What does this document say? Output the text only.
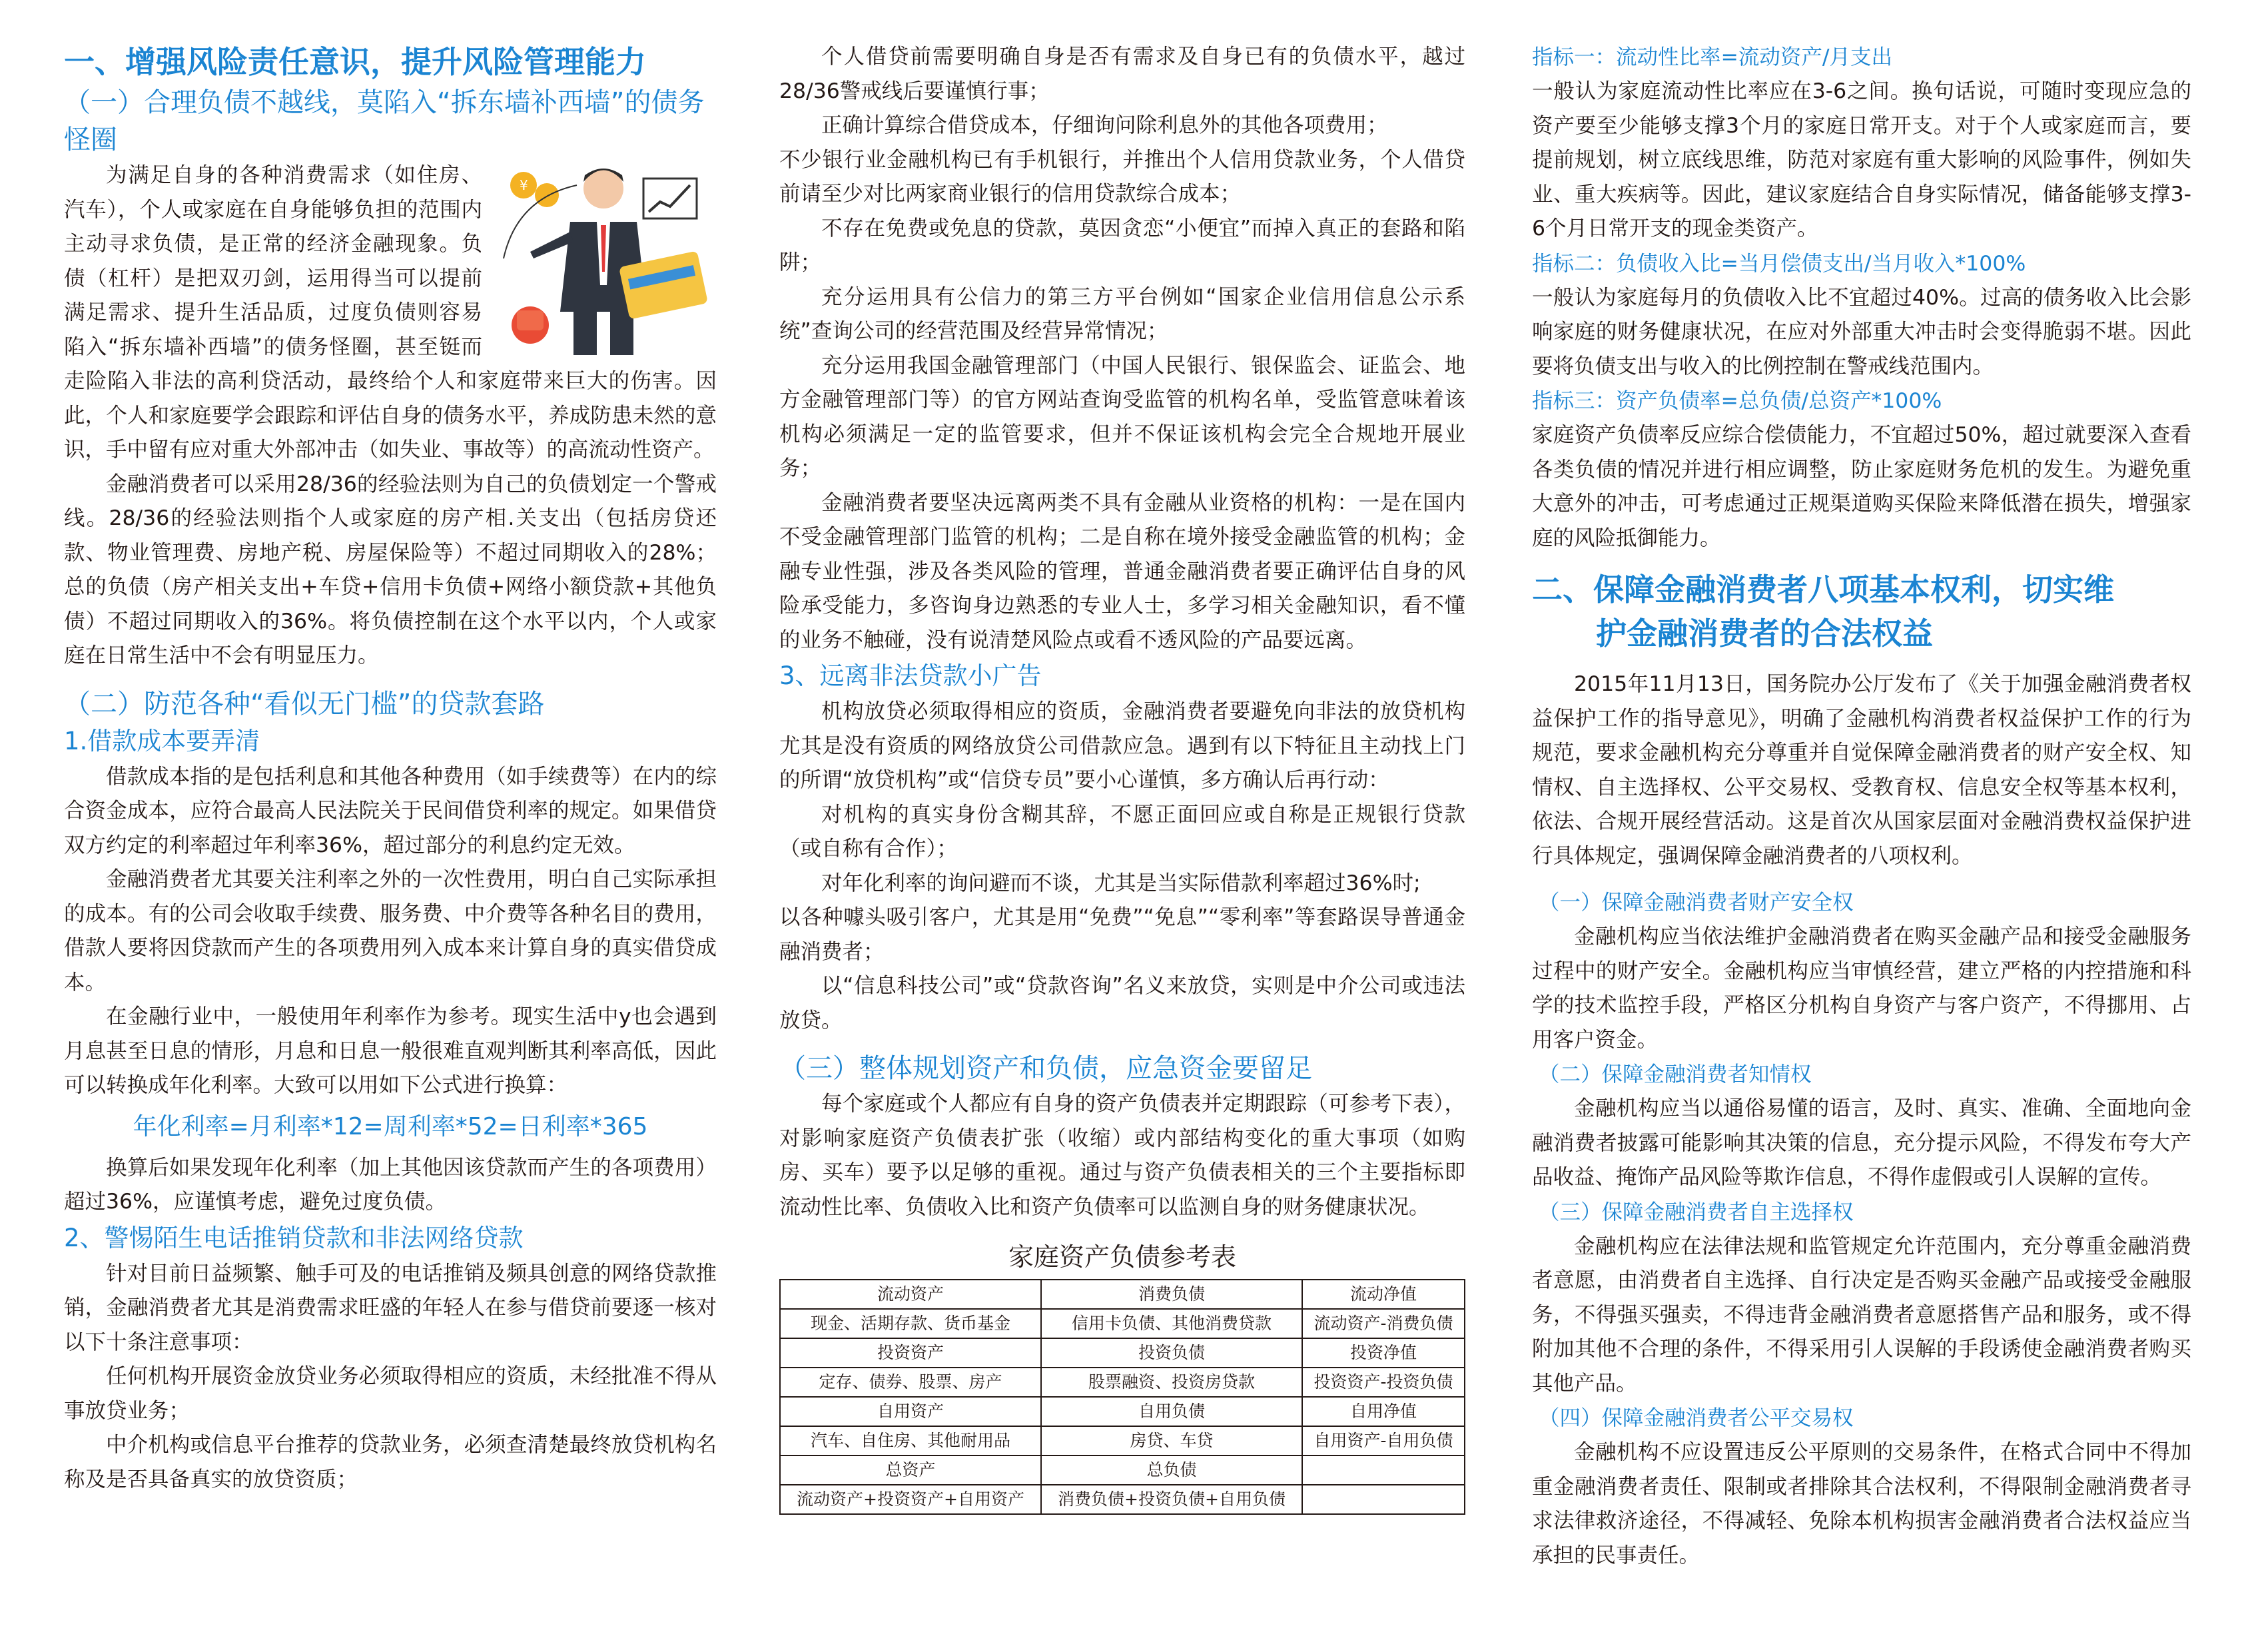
一、增强风险责任意识，提升风险管理能力
（一）合理负债不越线，莫陷入“拆东墙补西墙”的债务怪圈
¥

为满足自身的各种消费需求（如住房、汽车），个人或家庭在自身能够负担的范围内主动寻求负债，是正常的经济金融现象。负债（杠杆）是把双刃剑，运用得当可以提前满足需求、提升生活品质，过度负债则容易陷入“拆东墙补西墙”的债务怪圈，甚至铤而走险陷入非法的高利贷活动，最终给个人和家庭带来巨大的伤害。因此，个人和家庭要学会跟踪和评估自身的债务水平，养成防患未然的意识，手中留有应对重大外部冲击（如失业、事故等）的高流动性资产。

金融消费者可以采用28/36的经验法则为自己的负债划定一个警戒线。28/36的经验法则指个人或家庭的房产相.关支出（包括房贷还款、物业管理费、房地产税、房屋保险等）不超过同期收入的28%；总的负债（房产相关支出+车贷+信用卡负债+网络小额贷款+其他负债）不超过同期收入的36%。将负债控制在这个水平以内，个人或家庭在日常生活中不会有明显压力。

（二）防范各种“看似无门槛”的贷款套路
1.借款成本要弄清

借款成本指的是包括利息和其他各种费用（如手续费等）在内的综合资金成本，应符合最高人民法院关于民间借贷利率的规定。如果借贷双方约定的利率超过年利率36%，超过部分的利息约定无效。

金融消费者尤其要关注利率之外的一次性费用，明白自己实际承担的成本。有的公司会收取手续费、服务费、中介费等各种名目的费用，借款人要将因贷款而产生的各项费用列入成本来计算自身的真实借贷成本。

在金融行业中，一般使用年利率作为参考。现实生活中y也会遇到月息甚至日息的情形，月息和日息一般很难直观判断其利率高低，因此可以转换成年化利率。大致可以用如下公式进行换算：

年化利率=月利率*12=周利率*52=日利率*365

换算后如果发现年化利率（加上其他因该贷款而产生的各项费用）超过36%，应谨慎考虑，避免过度负债。

2、警惕陌生电话推销贷款和非法网络贷款

针对目前日益频繁、触手可及的电话推销及频具创意的网络贷款推销，金融消费者尤其是消费需求旺盛的年轻人在参与借贷前要逐一核对以下十条注意事项：

任何机构开展资金放贷业务必须取得相应的资质，未经批准不得从事放贷业务；

中介机构或信息平台推荐的贷款业务，必须查清楚最终放贷机构名称及是否具备真实的放贷资质；

个人借贷前需要明确自身是否有需求及自身已有的负债水平，越过28/36警戒线后要谨慎行事；

正确计算综合借贷成本，仔细询问除利息外的其他各项费用；

不少银行业金融机构已有手机银行，并推出个人信用贷款业务，个人借贷前请至少对比两家商业银行的信用贷款综合成本；

不存在免费或免息的贷款，莫因贪恋“小便宜”而掉入真正的套路和陷阱；

充分运用具有公信力的第三方平台例如“国家企业信用信息公示系统”查询公司的经营范围及经营异常情况；

充分运用我国金融管理部门（中国人民银行、银保监会、证监会、地方金融管理部门等）的官方网站查询受监管的机构名单，受监管意味着该机构必须满足一定的监管要求，但并不保证该机构会完全合规地开展业务；

金融消费者要坚决远离两类不具有金融从业资格的机构：一是在国内不受金融管理部门监管的机构；二是自称在境外接受金融监管的机构；金融专业性强，涉及各类风险的管理，普通金融消费者要正确评估自身的风险承受能力，多咨询身边熟悉的专业人士，多学习相关金融知识，看不懂的业务不触碰，没有说清楚风险点或看不透风险的产品要远离。

3、远离非法贷款小广告

机构放贷必须取得相应的资质，金融消费者要避免向非法的放贷机构尤其是没有资质的网络放贷公司借款应急。遇到有以下特征且主动找上门的所谓“放贷机构”或“信贷专员”要小心谨慎，多方确认后再行动：

对机构的真实身份含糊其辞，不愿正面回应或自称是正规银行贷款（或自称有合作）；

对年化利率的询问避而不谈，尤其是当实际借款利率超过36%时;

以各种噱头吸引客户，尤其是用“免费”“免息”“零利率”等套路误导普通金融消费者；

以“信息科技公司”或“贷款咨询”名义来放贷，实则是中介公司或违法放贷。

（三）整体规划资产和负债，应急资金要留足

每个家庭或个人都应有自身的资产负债表并定期跟踪（可参考下表），对影响家庭资产负债表扩张（收缩）或内部结构变化的重大事项（如购房、买车）要予以足够的重视。通过与资产负债表相关的三个主要指标即流动性比率、负债收入比和资产负债率可以监测自身的财务健康状况。

家庭资产负债参考表
流动资产	消费负债	流动净值
现金、活期存款、货币基金	信用卡负债、其他消费贷款	流动资产-消费负债
投资资产	投资负债	投资净值
定存、债券、股票、房产	股票融资、投资房贷款	投资资产-投资负债
自用资产	自用负债	自用净值
汽车、自住房、其他耐用品	房贷、车贷	自用资产-自用负债
总资产	总负债	
流动资产+投资资产+自用资产	消费负债+投资负债+自用负债	
指标一：流动性比率=流动资产/月支出

一般认为家庭流动性比率应在3-6之间。换句话说，可随时变现应急的资产要至少能够支撑3个月的家庭日常开支。对于个人或家庭而言，要提前规划，树立底线思维，防范对家庭有重大影响的风险事件，例如失业、重大疾病等。因此，建议家庭结合自身实际情况，储备能够支撑3-6个月日常开支的现金类资产。

指标二：负债收入比=当月偿债支出/当月收入*100%

一般认为家庭每月的负债收入比不宜超过40%。过高的债务收入比会影响家庭的财务健康状况，在应对外部重大冲击时会变得脆弱不堪。因此要将负债支出与收入的比例控制在警戒线范围内。

指标三：资产负债率=总负债/总资产*100%

家庭资产负债率反应综合偿债能力，不宜超过50%，超过就要深入查看各类负债的情况并进行相应调整，防止家庭财务危机的发生。为避免重大意外的冲击，可考虑通过正规渠道购买保险来降低潜在损失，增强家庭的风险抵御能力。

二、保障金融消费者八项基本权利，切实维
护金融消费者的合法权益

2015年11月13日，国务院办公厅发布了《关于加强金融消费者权益保护工作的指导意见》，明确了金融机构消费者权益保护工作的行为规范，要求金融机构充分尊重并自觉保障金融消费者的财产安全权、知情权、自主选择权、公平交易权、受教育权、信息安全权等基本权利，依法、合规开展经营活动。这是首次从国家层面对金融消费权益保护进行具体规定，强调保障金融消费者的八项权利。

（一）保障金融消费者财产安全权

金融机构应当依法维护金融消费者在购买金融产品和接受金融服务过程中的财产安全。金融机构应当审慎经营，建立严格的内控措施和科学的技术监控手段，严格区分机构自身资产与客户资产，不得挪用、占用客户资金。

（二）保障金融消费者知情权

金融机构应当以通俗易懂的语言，及时、真实、准确、全面地向金融消费者披露可能影响其决策的信息，充分提示风险，不得发布夸大产品收益、掩饰产品风险等欺诈信息，不得作虚假或引人误解的宣传。

（三）保障金融消费者自主选择权

金融机构应在法律法规和监管规定允许范围内，充分尊重金融消费者意愿，由消费者自主选择、自行决定是否购买金融产品或接受金融服务，不得强买强卖，不得违背金融消费者意愿搭售产品和服务，或不得附加其他不合理的条件，不得采用引人误解的手段诱使金融消费者购买其他产品。

（四）保障金融消费者公平交易权

金融机构不应设置违反公平原则的交易条件，在格式合同中不得加重金融消费者责任、限制或者排除其合法权利，不得限制金融消费者寻求法律救济途径，不得减轻、免除本机构损害金融消费者合法权益应当承担的民事责任。
